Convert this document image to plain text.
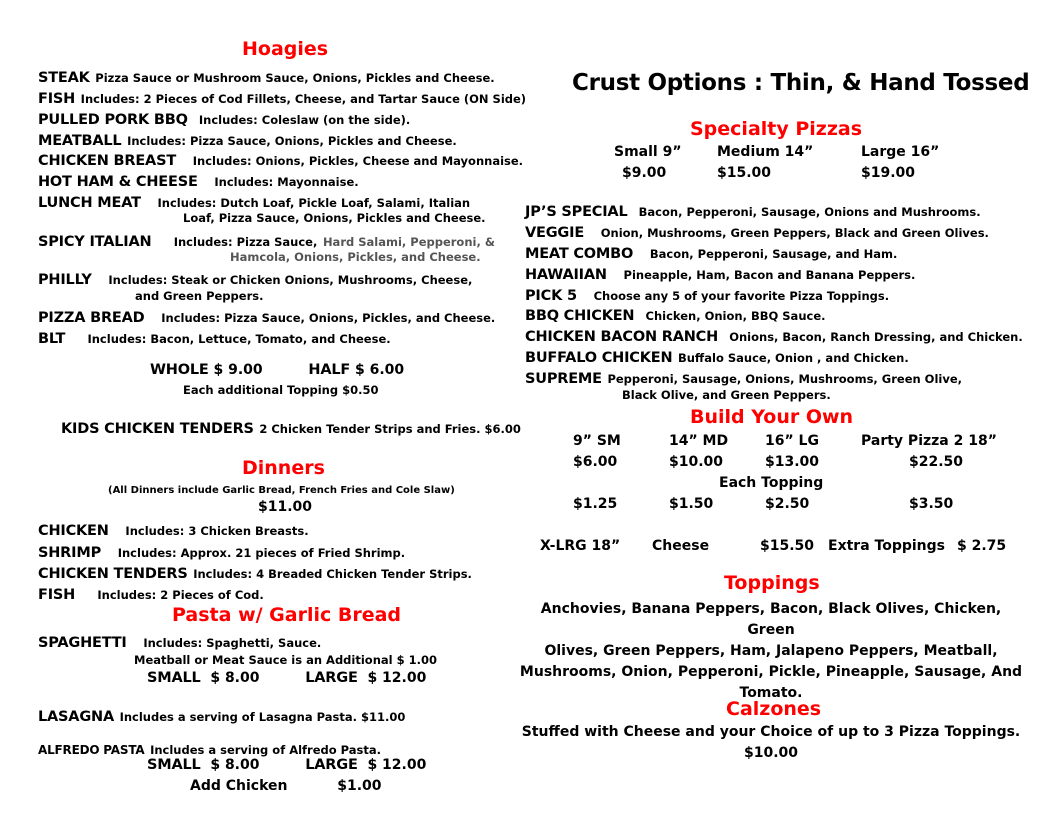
Hoagies
STEAK Pizza Sauce or Mushroom Sauce, Onions, Pickles and Cheese.
FISH Includes: 2 Pieces of Cod Fillets, Cheese, and Tartar Sauce (ON Side)
PULLED PORK BBQ Includes: Coleslaw (on the side).
MEATBALL Includes: Pizza Sauce, Onions, Pickles and Cheese.
CHICKEN BREAST Includes: Onions, Pickles, Cheese and Mayonnaise.
HOT HAM & CHEESE Includes: Mayonnaise.
LUNCH MEAT Includes: Dutch Loaf, Pickle Loaf, Salami, Italian
Loaf, Pizza Sauce, Onions, Pickles and Cheese.
SPICY ITALIAN Includes: Pizza Sauce, Hard Salami, Pepperoni, &
Hamcola, Onions, Pickles, and Cheese.
PHILLY Includes: Steak or Chicken Onions, Mushrooms, Cheese,
and Green Peppers.
PIZZA BREAD Includes: Pizza Sauce, Onions, Pickles, and Cheese.
BLT Includes: Bacon, Lettuce, Tomato, and Cheese.
WHOLE $ 9.00	HALF $ 6.00
Each additional Topping $0.50
KIDS CHICKEN TENDERS 2 Chicken Tender Strips and Fries. $6.00
Dinners
(All Dinners include Garlic Bread, French Fries and Cole Slaw)
$11.00
CHICKEN Includes: 3 Chicken Breasts.
SHRIMP Includes: Approx. 21 pieces of Fried Shrimp.
CHICKEN TENDERS Includes: 4 Breaded Chicken Tender Strips.
FISH Includes: 2 Pieces of Cod.
Pasta w/ Garlic Bread
SPAGHETTI Includes: Spaghetti, Sauce.
Meatball or Meat Sauce is an Additional $ 1.00
SMALL $ 8.00	LARGE $ 12.00
LASAGNA Includes a serving of Lasagna Pasta. $11.00
ALFREDO PASTA Includes a serving of Alfredo Pasta.
SMALL $ 8.00	LARGE $ 12.00
Add Chicken	$1.00
Crust Options : Thin, & Hand Tossed
Specialty Pizzas
Small 9”	Medium 14”	Large 16”
$9.00	$15.00	$19.00
JP’S SPECIAL Bacon, Pepperoni, Sausage, Onions and Mushrooms.
VEGGIE Onion, Mushrooms, Green Peppers, Black and Green Olives.
MEAT COMBO Bacon, Pepperoni, Sausage, and Ham.
HAWAIIAN Pineapple, Ham, Bacon and Banana Peppers.
PICK 5 Choose any 5 of your favorite Pizza Toppings.
BBQ CHICKEN Chicken, Onion, BBQ Sauce.
CHICKEN BACON RANCH Onions, Bacon, Ranch Dressing, and Chicken.
BUFFALO CHICKEN Buffalo Sauce, Onion , and Chicken.
SUPREME Pepperoni, Sausage, Onions, Mushrooms, Green Olive,
Black Olive, and Green Peppers.
Build Your Own
9” SM	14” MD	16” LG	Party Pizza 2 18”
$6.00	$10.00	$13.00	$22.50
Each Topping
$1.25	$1.50	$2.50	$3.50
X-LRG 18” Cheese	$15.50 Extra Toppings $ 2.75
Toppings
Anchovies, Banana Peppers, Bacon, Black Olives, Chicken, Green
Olives, Green Peppers, Ham, Jalapeno Peppers, Meatball,
Mushrooms, Onion, Pepperoni, Pickle, Pineapple, Sausage, And
Tomato.
Calzones
Stuffed with Cheese and your Choice of up to 3 Pizza Toppings.
$10.00
